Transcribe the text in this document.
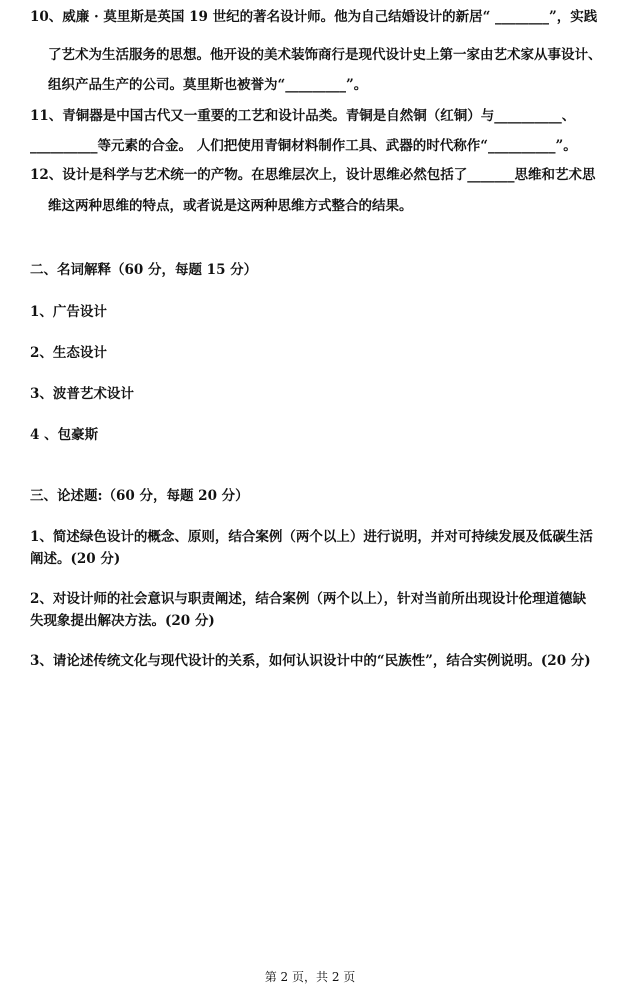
10、威廉 · 莫里斯是英国 19 世纪的著名设计师。他为自己结婚设计的新居“ ________”，实践
了艺术为生活服务的思想。他开设的美术装饰商行是现代设计史上第一家由艺术家从事设计、
组织产品生产的公司。莫里斯也被誉为“_________”。
11、青铜器是中国古代又一重要的工艺和设计品类。青铜是自然铜（红铜）与__________、
__________等元素的合金。 人们把使用青铜材料制作工具、武器的时代称作“__________”。
12、设计是科学与艺术统一的产物。在思维层次上，设计思维必然包括了_______思维和艺术思
维这两种思维的特点，或者说是这两种思维方式整合的结果。
二、名词解释（60 分，每题 15 分）
1、广告设计
2、生态设计
3、波普艺术设计
4 、包豪斯
三、论述题:（60 分，每题 20 分）
1、简述绿色设计的概念、原则，结合案例（两个以上）进行说明，并对可持续发展及低碳生活
阐述。(20 分)
2、对设计师的社会意识与职责阐述，结合案例（两个以上），针对当前所出现设计伦理道德缺
失现象提出解决方法。(20 分)
3、请论述传统文化与现代设计的关系，如何认识设计中的“民族性”，结合实例说明。(20 分)
第 2 页，共 2 页
